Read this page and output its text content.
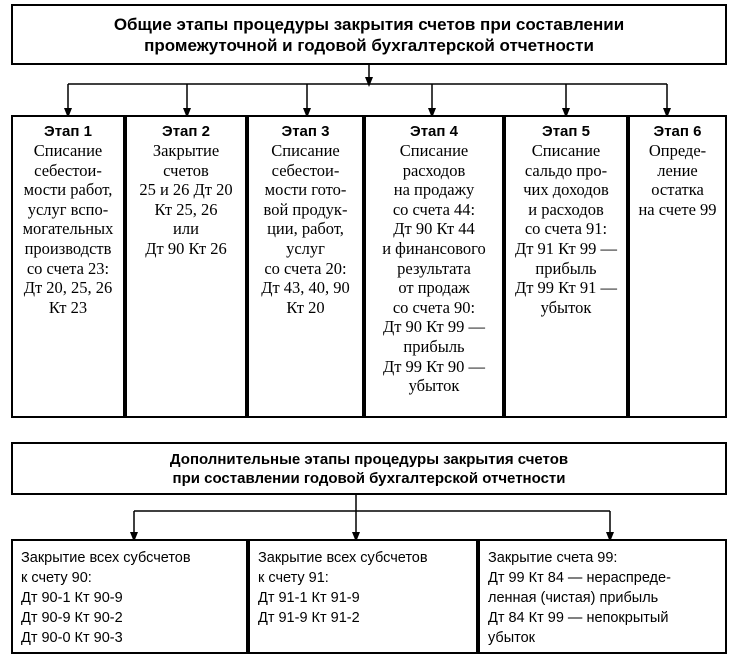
Общие этапы процедуры закрытия счетов при составлении
промежуточной и годовой бухгалтерской отчетности
Этап 1
Списание
себестои-
мости работ,
услуг вспо-
могательных
производств
со счета 23:
Дт 20, 25, 26
Кт 23
Этап 2
Закрытие
счетов
25 и 26 Дт 20
Кт 25, 26
или
Дт 90 Кт 26
Этап 3
Списание
себестои-
мости гото-
вой продук-
ции, работ,
услуг
со счета 20:
Дт 43, 40, 90
Кт 20
Этап 4
Списание
расходов
на продажу
со счета 44:
Дт 90 Кт 44
и финансового
результата
от продаж
со счета 90:
Дт 90 Кт 99 —
прибыль
Дт 99 Кт 90 —
убыток
Этап 5
Списание
сальдо про-
чих доходов
и расходов
со счета 91:
Дт 91 Кт 99 —
прибыль
Дт 99 Кт 91 —
убыток
Этап 6
Опреде-
ление
остатка
на счете 99
Дополнительные этапы процедуры закрытия счетов
при составлении годовой бухгалтерской отчетности
Закрытие всех субсчетов
к счету 90:
Дт 90-1 Кт 90-9
Дт 90-9 Кт 90-2
Дт 90-0 Кт 90-3
Закрытие всех субсчетов
к счету 91:
Дт 91-1 Кт 91-9
Дт 91-9 Кт 91-2
Закрытие счета 99:
Дт 99 Кт 84 — нераспреде-
ленная (чистая) прибыль
Дт 84 Кт 99 — непокрытый
убыток
